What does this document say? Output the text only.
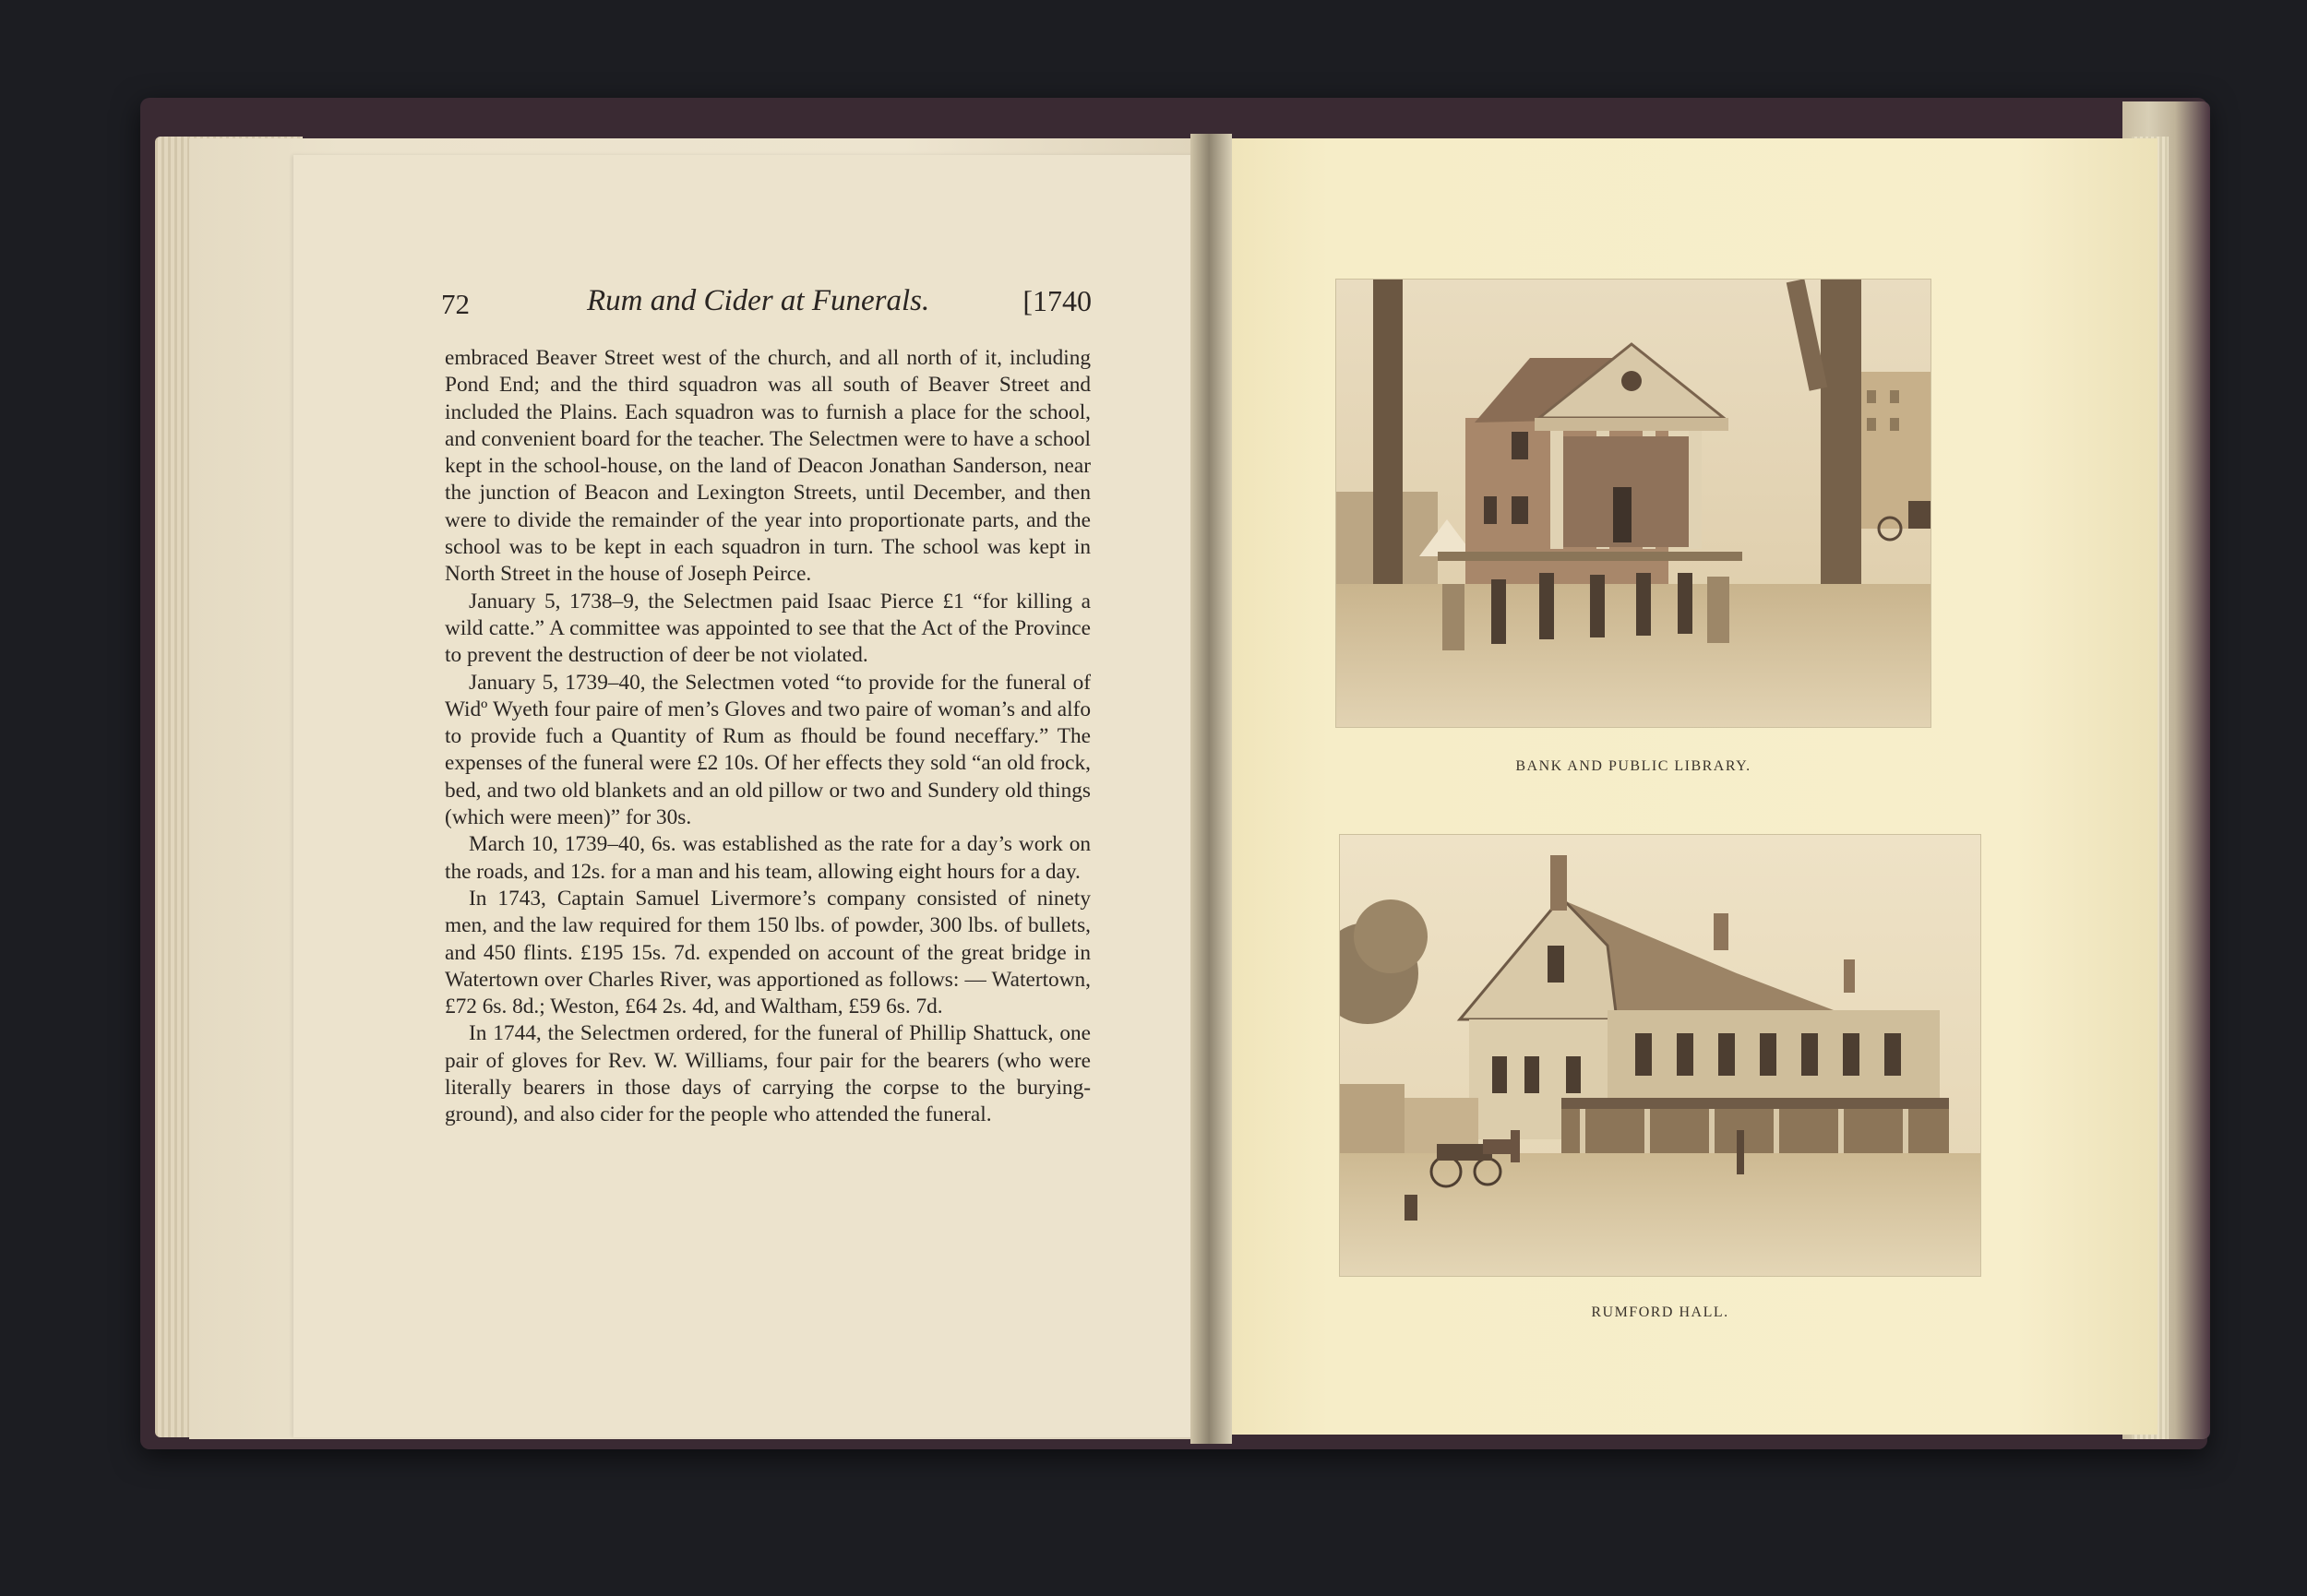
72	Rum and Cider at Funerals.	[1740

embraced Beaver Street west of the church, and all north of it, including Pond End; and the third squadron was all south of Beaver Street and included the Plains. Each squadron was to furnish a place for the school, and convenient board for the teacher. The Selectmen were to have a school kept in the school-house, on the land of Deacon Jonathan Sanderson, near the junction of Beacon and Lexington Streets, until December, and then were to divide the remainder of the year into proportionate parts, and the school was to be kept in each squadron in turn. The school was kept in North Street in the house of Joseph Peirce.

January 5, 1738–9, the Selectmen paid Isaac Pierce £1 “for killing a wild catte.” A committee was appointed to see that the Act of the Province to prevent the destruction of deer be not violated.

January 5, 1739–40, the Selectmen voted “to provide for the funeral of Widº Wyeth four paire of men’s Gloves and two paire of woman’s and alfo to provide fuch a Quantity of Rum as fhould be found neceffary.” The expenses of the funeral were £2 10s. Of her effects they sold “an old frock, bed, and two old blankets and an old pillow or two and Sundery old things (which were meen)” for 30s.

March 10, 1739–40, 6s. was established as the rate for a day’s work on the roads, and 12s. for a man and his team, allowing eight hours for a day.

In 1743, Captain Samuel Livermore’s company consisted of ninety men, and the law required for them 150 lbs. of powder, 300 lbs. of bullets, and 450 flints. £195 15s. 7d. expended on account of the great bridge in Watertown over Charles River, was apportioned as follows: — Watertown, £72 6s. 8d.; Weston, £64 2s. 4d, and Waltham, £59 6s. 7d.

In 1744, the Selectmen ordered, for the funeral of Phillip Shattuck, one pair of gloves for Rev. W. Williams, four pair for the bearers (who were literally bearers in those days of carrying the corpse to the burying-ground), and also cider for the people who attended the funeral.

BANK AND PUBLIC LIBRARY.
RUMFORD HALL.
